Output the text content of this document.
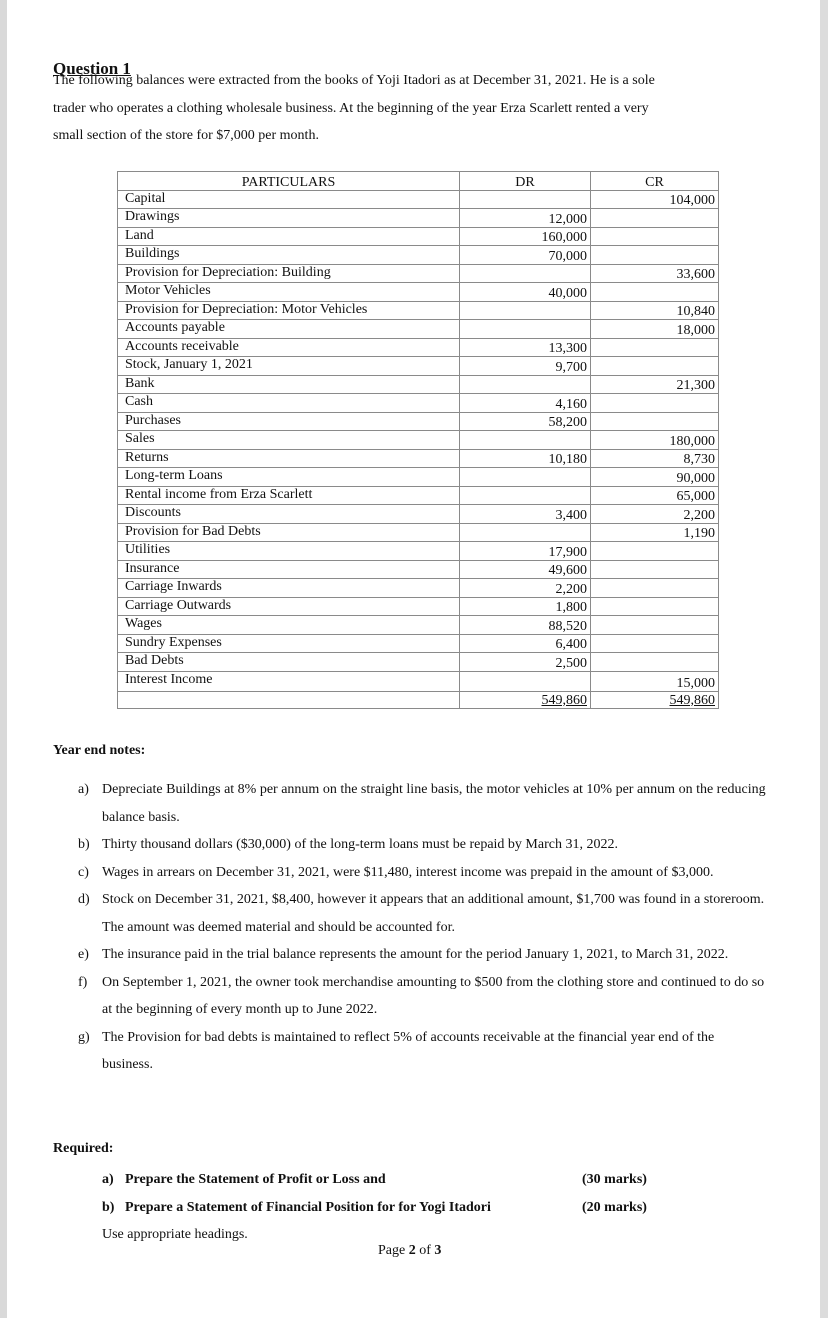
Question 1

The following balances were extracted from the books of Yoji Itadori as at December 31, 2021. He is a sole
trader who operates a clothing wholesale business. At the beginning of the year Erza Scarlett rented a very
small section of the store for $7,000 per month.
PARTICULARS	DR	CR
Capital		104,000
Drawings	12,000	
Land	160,000	
Buildings	70,000	
Provision for Depreciation: Building		33,600
Motor Vehicles	40,000	
Provision for Depreciation: Motor Vehicles		10,840
Accounts payable		18,000
Accounts receivable	13,300	
Stock, January 1, 2021	9,700	
Bank		21,300
Cash	4,160	
Purchases	58,200	
Sales		180,000
Returns	10,180	8,730
Long-term Loans		90,000
Rental income from Erza Scarlett		65,000
Discounts	3,400	2,200
Provision for Bad Debts		1,190
Utilities	17,900	
Insurance	49,600	
Carriage Inwards	2,200	
Carriage Outwards	1,800	
Wages	88,520	
Sundry Expenses	6,400	
Bad Debts	2,500	
Interest Income		15,000
	549,860	549,860
Year end notes:
a) Depreciate Buildings at 8% per annum on the straight line basis, the motor vehicles at 10% per annum on the reducing balance basis.
b) Thirty thousand dollars ($30,000) of the long-term loans must be repaid by March 31, 2022.
c) Wages in arrears on December 31, 2021, were $11,480, interest income was prepaid in the amount of $3,000.
d) Stock on December 31, 2021, $8,400, however it appears that an additional amount, $1,700 was found in a storeroom. The amount was deemed material and should be accounted for.
e) The insurance paid in the trial balance represents the amount for the period January 1, 2021, to March 31, 2022.
f) On September 1, 2021, the owner took merchandise amounting to $500 from the clothing store and continued to do so at the beginning of every month up to June 2022.
g) The Provision for bad debts is maintained to reflect 5% of accounts receivable at the financial year end of the business.
Required:
a) Prepare the Statement of Profit or Loss and	(30 marks)
b) Prepare a Statement of Financial Position for for Yogi Itadori	(20 marks)
Use appropriate headings.
Page 2 of 3
